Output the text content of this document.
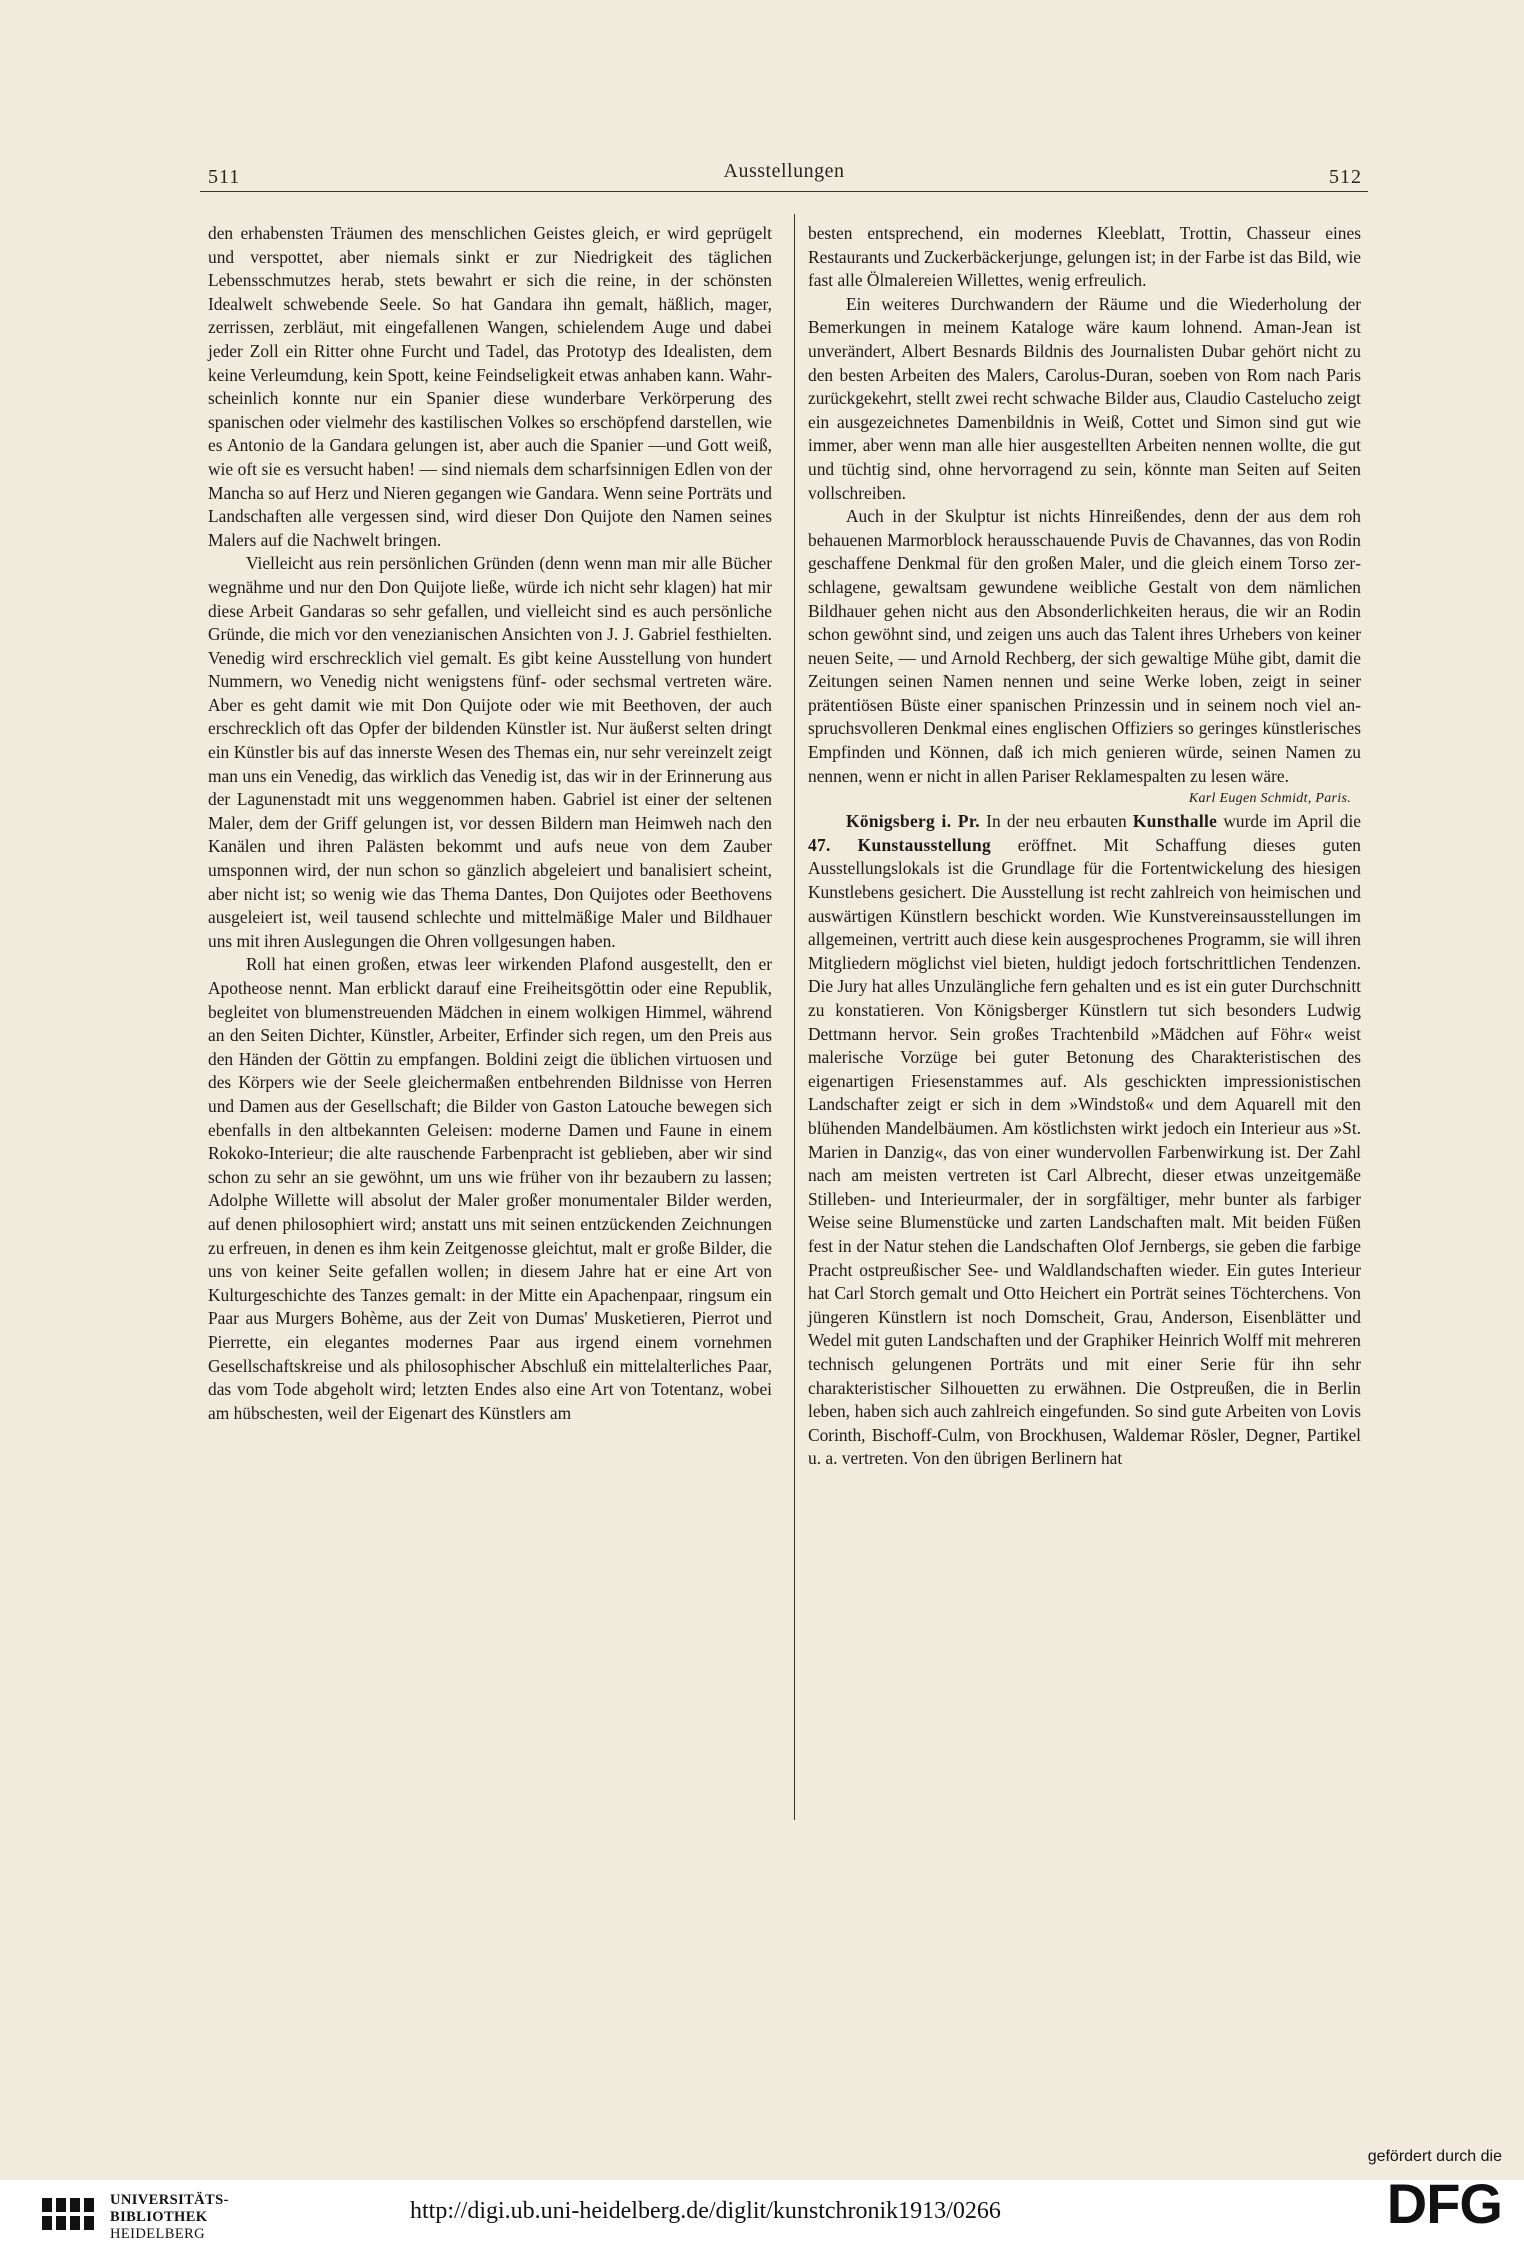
511	Ausstellungen	512

den erhabensten Träumen des menschlichen Geistes gleich, er wird geprügelt und verspottet, aber niemals sinkt er zur Niedrigkeit des täglichen Lebensschmutzes herab, stets bewahrt er sich die reine, in der schönsten Idealwelt schwebende Seele. So hat Gandara ihn gemalt, häßlich, mager, zerrissen, zerbläut, mit eingefallenen Wangen, schielendem Auge und dabei jeder Zoll ein Ritter ohne Furcht und Tadel, das Prototyp des Idealisten, dem keine Verleumdung, kein Spott, keine Feindseligkeit etwas anhaben kann. Wahrscheinlich konnte nur ein Spanier diese wunderbare Verkörperung des spanischen oder vielmehr des kastilischen Volkes so erschöpfend darstellen, wie es Antonio de la Gandara gelungen ist, aber auch die Spanier —und Gott weiß, wie oft sie es versucht haben! — sind niemals dem scharfsinnigen Edlen von der Mancha so auf Herz und Nieren gegangen wie Gandara. Wenn seine Porträts und Landschaften alle vergessen sind, wird dieser Don Quijote den Namen seines Malers auf die Nachwelt bringen.

Vielleicht aus rein persönlichen Gründen (denn wenn man mir alle Bücher wegnähme und nur den Don Quijote ließe, würde ich nicht sehr klagen) hat mir diese Arbeit Gandaras so sehr gefallen, und vielleicht sind es auch persönliche Gründe, die mich vor den venezianischen Ansichten von J. J. Gabriel festhielten. Venedig wird erschrecklich viel gemalt. Es gibt keine Ausstellung von hundert Nummern, wo Venedig nicht wenigstens fünf- oder sechsmal vertreten wäre. Aber es geht damit wie mit Don Quijote oder wie mit Beethoven, der auch erschrecklich oft das Opfer der bildenden Künstler ist. Nur äußerst selten dringt ein Künstler bis auf das innerste Wesen des Themas ein, nur sehr vereinzelt zeigt man uns ein Venedig, das wirklich das Venedig ist, das wir in der Erinnerung aus der Lagunenstadt mit uns weggenommen haben. Gabriel ist einer der seltenen Maler, dem der Griff gelungen ist, vor dessen Bildern man Heimweh nach den Kanälen und ihren Palästen bekommt und aufs neue von dem Zauber umsponnen wird, der nun schon so gänzlich abgeleiert und banalisiert scheint, aber nicht ist; so wenig wie das Thema Dantes, Don Quijotes oder Beethovens ausgeleiert ist, weil tausend schlechte und mittelmäßige Maler und Bildhauer uns mit ihren Auslegungen die Ohren vollgesungen haben.

Roll hat einen großen, etwas leer wirkenden Plafond ausgestellt, den er Apotheose nennt. Man erblickt darauf eine Freiheitsgöttin oder eine Republik, begleitet von blumenstreuenden Mädchen in einem wolkigen Himmel, während an den Seiten Dichter, Künstler, Arbeiter, Erfinder sich regen, um den Preis aus den Händen der Göttin zu empfangen. Boldini zeigt die üblichen virtuosen und des Körpers wie der Seele gleichermaßen entbehrenden Bildnisse von Herren und Damen aus der Gesellschaft; die Bilder von Gaston Latouche bewegen sich ebenfalls in den altbekannten Geleisen: moderne Damen und Faune in einem Rokoko-Interieur; die alte rauschende Farbenpracht ist geblieben, aber wir sind schon zu sehr an sie gewöhnt, um uns wie früher von ihr bezaubern zu lassen; Adolphe Willette will absolut der Maler großer monumentaler Bilder werden, auf denen philosophiert wird; anstatt uns mit seinen entzückenden Zeichnungen zu erfreuen, in denen es ihm kein Zeitgenosse gleichtut, malt er große Bilder, die uns von keiner Seite gefallen wollen; in diesem Jahre hat er eine Art von Kulturgeschichte des Tanzes gemalt: in der Mitte ein Apachenpaar, ringsum ein Paar aus Murgers Bohème, aus der Zeit von Dumas' Musketieren, Pierrot und Pierrette, ein elegantes modernes Paar aus irgend einem vornehmen Gesellschaftskreise und als philosophischer Abschluß ein mittelalterliches Paar, das vom Tode abgeholt wird; letzten Endes also eine Art von Totentanz, wobei am hübschesten, weil der Eigenart des Künstlers am

besten entsprechend, ein modernes Kleeblatt, Trottin, Chasseur eines Restaurants und Zuckerbäckerjunge, gelungen ist; in der Farbe ist das Bild, wie fast alle Ölmalereien Willettes, wenig erfreulich.

Ein weiteres Durchwandern der Räume und die Wiederholung der Bemerkungen in meinem Kataloge wäre kaum lohnend. Aman-Jean ist unverändert, Albert Besnards Bildnis des Journalisten Dubar gehört nicht zu den besten Arbeiten des Malers, Carolus-Duran, soeben von Rom nach Paris zurückgekehrt, stellt zwei recht schwache Bilder aus, Claudio Castelucho zeigt ein ausgezeichnetes Damenbildnis in Weiß, Cottet und Simon sind gut wie immer, aber wenn man alle hier ausgestellten Arbeiten nennen wollte, die gut und tüchtig sind, ohne hervorragend zu sein, könnte man Seiten auf Seiten vollschreiben.

Auch in der Skulptur ist nichts Hinreißendes, denn der aus dem roh behauenen Marmorblock herausschauende Puvis de Chavannes, das von Rodin geschaffene Denkmal für den großen Maler, und die gleich einem Torso zerschlagene, gewaltsam gewundene weibliche Gestalt von dem nämlichen Bildhauer gehen nicht aus den Absonderlichkeiten heraus, die wir an Rodin schon gewöhnt sind, und zeigen uns auch das Talent ihres Urhebers von keiner neuen Seite, — und Arnold Rechberg, der sich gewaltige Mühe gibt, damit die Zeitungen seinen Namen nennen und seine Werke loben, zeigt in seiner prätentiösen Büste einer spanischen Prinzessin und in seinem noch viel anspruchsvolleren Denkmal eines englischen Offiziers so geringes künstlerisches Empfinden und Können, daß ich mich genieren würde, seinen Namen zu nennen, wenn er nicht in allen Pariser Reklamespalten zu lesen wäre.

Karl Eugen Schmidt, Paris.

Königsberg i. Pr. In der neu erbauten Kunsthalle wurde im April die 47. Kunstausstellung eröffnet. Mit Schaffung dieses guten Ausstellungslokals ist die Grundlage für die Fortentwickelung des hiesigen Kunstlebens gesichert. Die Ausstellung ist recht zahlreich von heimischen und auswärtigen Künstlern beschickt worden. Wie Kunstvereinsausstellungen im allgemeinen, vertritt auch diese kein ausgesprochenes Programm, sie will ihren Mitgliedern möglichst viel bieten, huldigt jedoch fortschrittlichen Tendenzen. Die Jury hat alles Unzulängliche fern gehalten und es ist ein guter Durchschnitt zu konstatieren. Von Königsberger Künstlern tut sich besonders Ludwig Dettmann hervor. Sein großes Trachtenbild »Mädchen auf Föhr« weist malerische Vorzüge bei guter Betonung des Charakteristischen des eigenartigen Friesenstammes auf. Als geschickten impressionistischen Landschafter zeigt er sich in dem »Windstoß« und dem Aquarell mit den blühenden Mandelbäumen. Am köstlichsten wirkt jedoch ein Interieur aus »St. Marien in Danzig«, das von einer wundervollen Farbenwirkung ist. Der Zahl nach am meisten vertreten ist Carl Albrecht, dieser etwas unzeitgemäße Stilleben- und Interieurmaler, der in sorgfältiger, mehr bunter als farbiger Weise seine Blumenstücke und zarten Landschaften malt. Mit beiden Füßen fest in der Natur stehen die Landschaften Olof Jernbergs, sie geben die farbige Pracht ostpreußischer See- und Waldlandschaften wieder. Ein gutes Interieur hat Carl Storch gemalt und Otto Heichert ein Porträt seines Töchterchens. Von jüngeren Künstlern ist noch Domscheit, Grau, Anderson, Eisenblätter und Wedel mit guten Landschaften und der Graphiker Heinrich Wolff mit mehreren technisch gelungenen Porträts und mit einer Serie für ihn sehr charakteristischer Silhouetten zu erwähnen. Die Ostpreußen, die in Berlin leben, haben sich auch zahlreich eingefunden. So sind gute Arbeiten von Lovis Corinth, Bischoff-Culm, von Brockhusen, Waldemar Rösler, Degner, Partikel u. a. vertreten. Von den übrigen Berlinern hat

UNIVERSITÄTS-
BIBLIOTHEK
HEIDELBERG
http://digi.ub.uni-heidelberg.de/diglit/kunstchronik1913/0266
gefördert durch die
DFG
